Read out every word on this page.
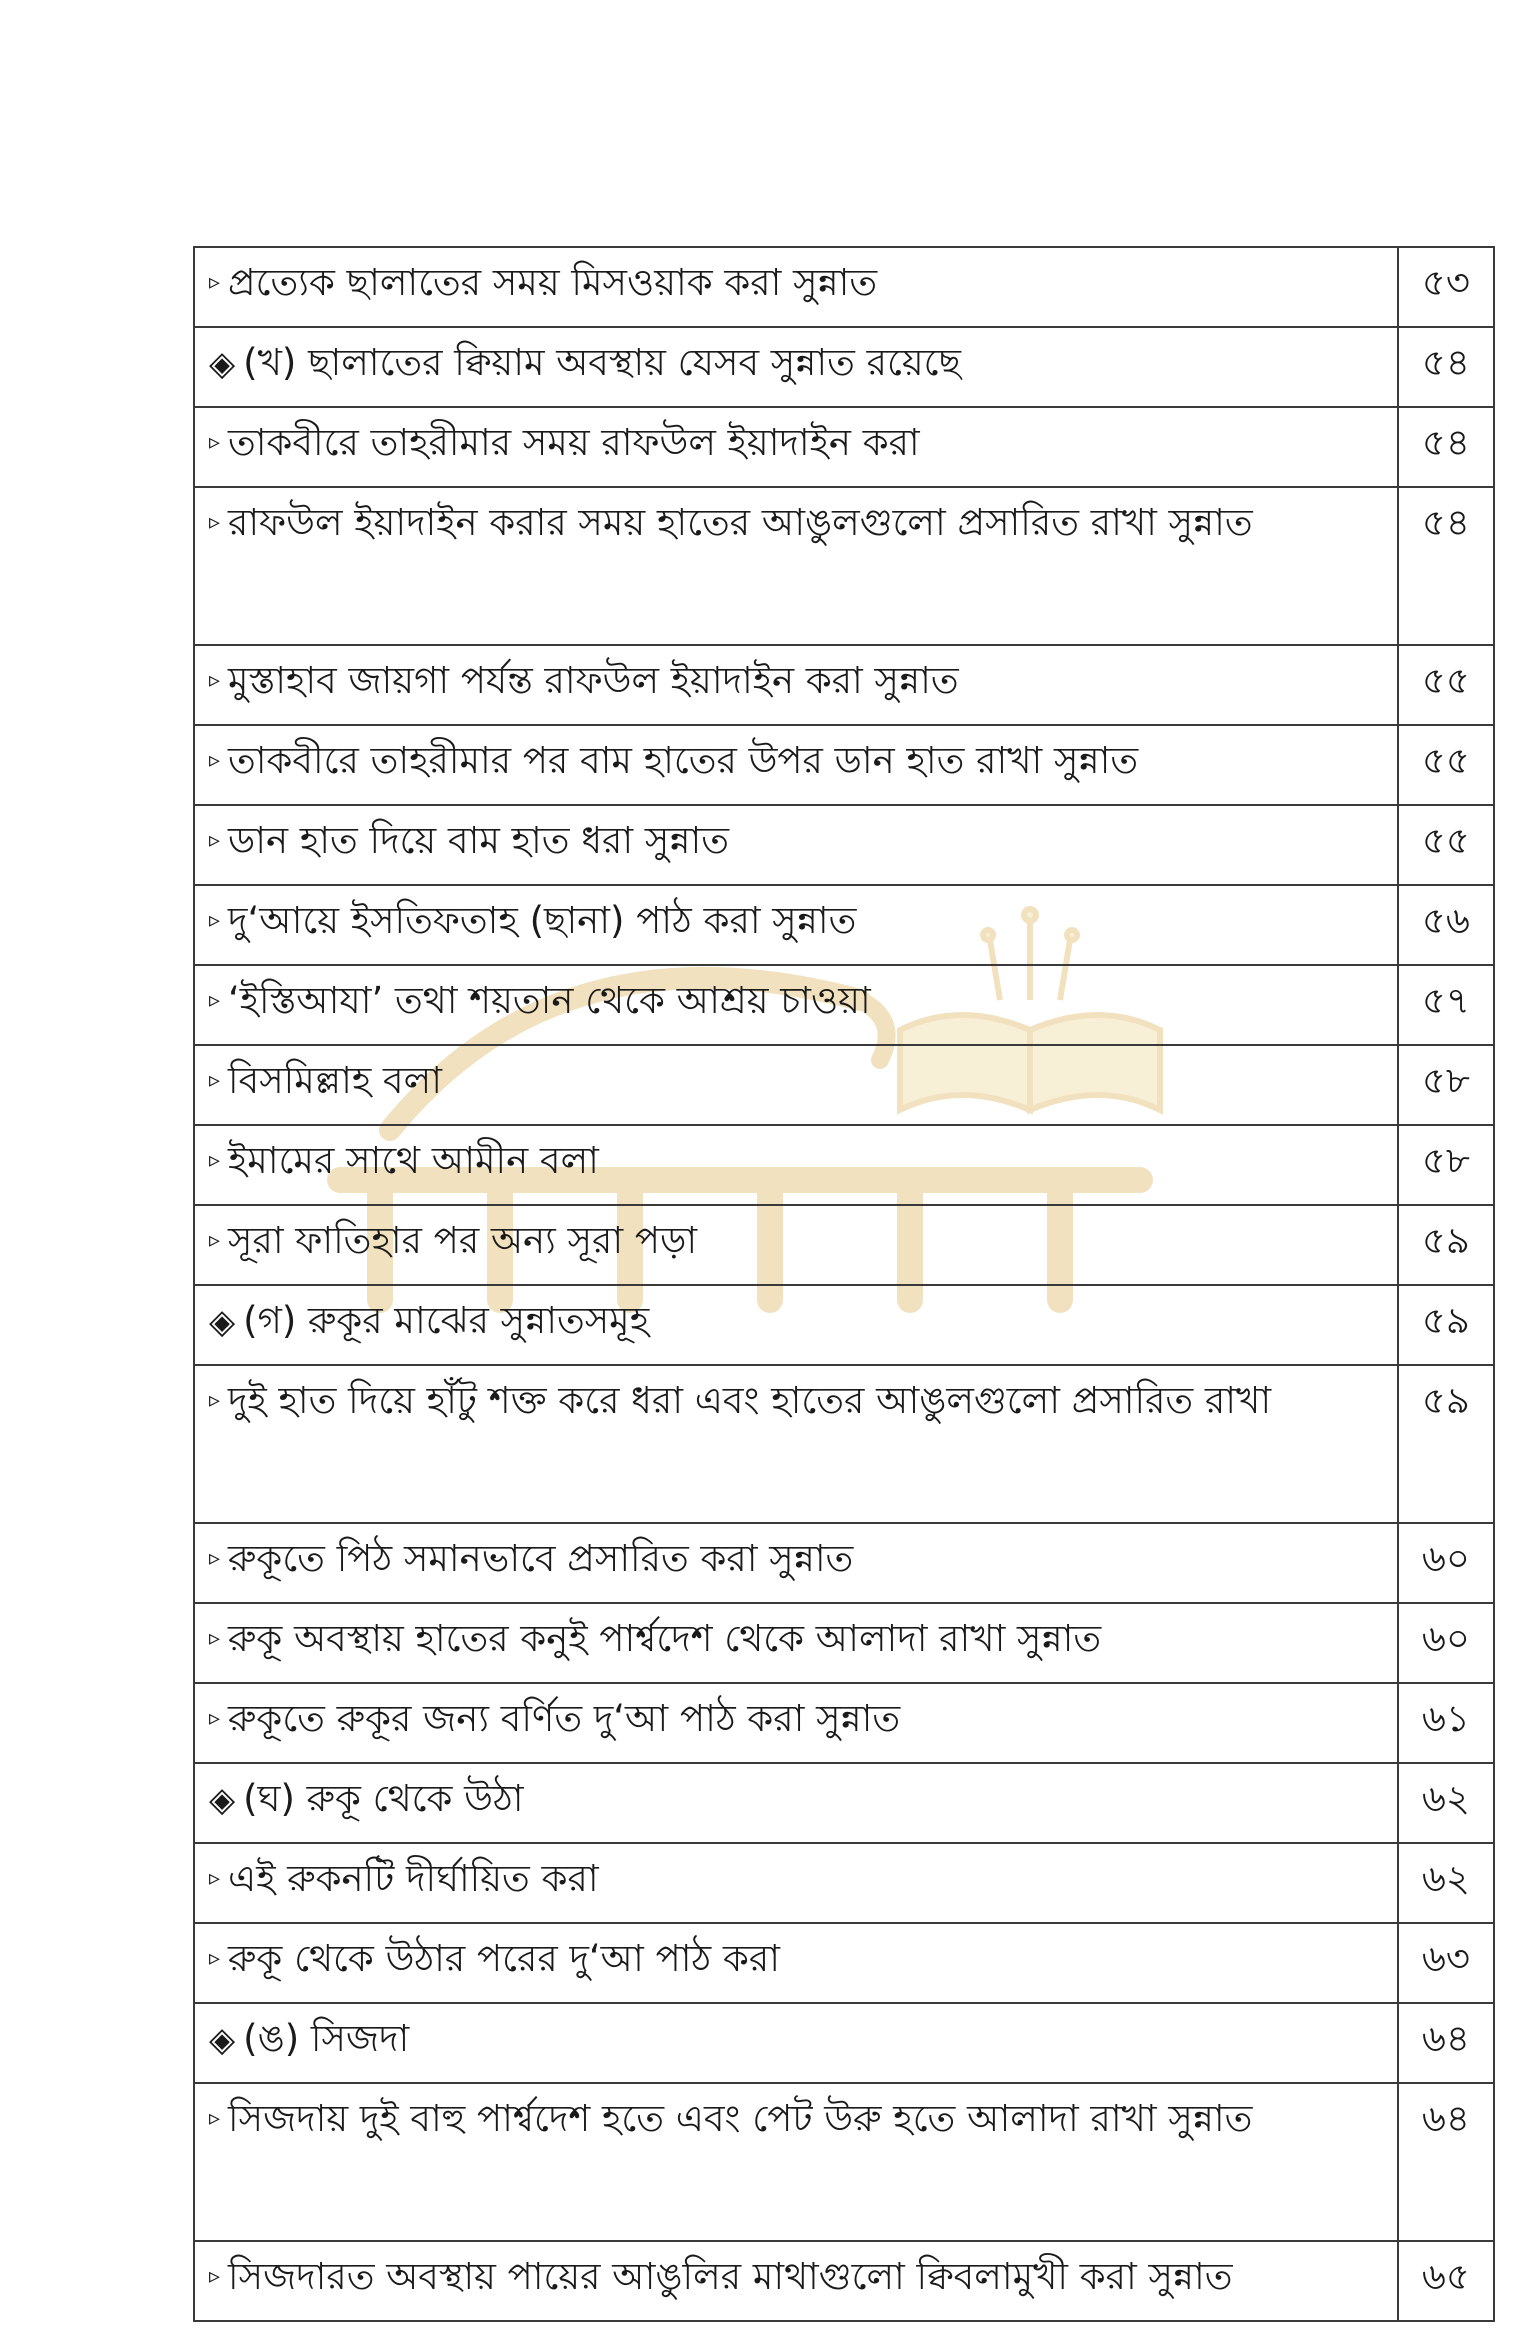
▹ প্রত্যেক ছালাতের সময় মিসওয়াক করা সুন্নাত	৫৩
◈ (খ) ছালাতের ক্বিয়াম অবস্থায় যেসব সুন্নাত রয়েছে	৫৪
▹ তাকবীরে তাহরীমার সময় রাফউল ইয়াদাইন করা	৫৪
▹ রাফউল ইয়াদাইন করার সময় হাতের আঙুলগুলো প্রসারিত রাখা সুন্নাত	৫৪
▹ মুস্তাহাব জায়গা পর্যন্ত রাফউল ইয়াদাইন করা সুন্নাত	৫৫
▹ তাকবীরে তাহরীমার পর বাম হাতের উপর ডান হাত রাখা সুন্নাত	৫৫
▹ ডান হাত দিয়ে বাম হাত ধরা সুন্নাত	৫৫
▹ দু‘আয়ে ইসতিফতাহ (ছানা) পাঠ করা সুন্নাত	৫৬
▹ ‘ইস্তিআযা’ তথা শয়তান থেকে আশ্রয় চাওয়া	৫৭
▹ বিসমিল্লাহ বলা	৫৮
▹ ইমামের সাথে আমীন বলা	৫৮
▹ সূরা ফাতিহার পর অন্য সূরা পড়া	৫৯
◈ (গ) রুকূর মাঝের সুন্নাতসমূহ	৫৯
▹ দুই হাত দিয়ে হাঁটু শক্ত করে ধরা এবং হাতের আঙুলগুলো প্রসারিত রাখা	৫৯
▹ রুকূতে পিঠ সমানভাবে প্রসারিত করা সুন্নাত	৬০
▹ রুকূ অবস্থায় হাতের কনুই পার্শ্বদেশ থেকে আলাদা রাখা সুন্নাত	৬০
▹ রুকূতে রুকূর জন্য বর্ণিত দু‘আ পাঠ করা সুন্নাত	৬১
◈ (ঘ) রুকূ থেকে উঠা	৬২
▹ এই রুকনটি দীর্ঘায়িত করা	৬২
▹ রুকূ থেকে উঠার পরের দু‘আ পাঠ করা	৬৩
◈ (ঙ) সিজদা	৬৪
▹ সিজদায় দুই বাহু পার্শ্বদেশ হতে এবং পেট উরু হতে আলাদা রাখা সুন্নাত	৬৪
▹ সিজদারত অবস্থায় পায়ের আঙুলির মাথাগুলো ক্বিবলামুখী করা সুন্নাত	৬৫
